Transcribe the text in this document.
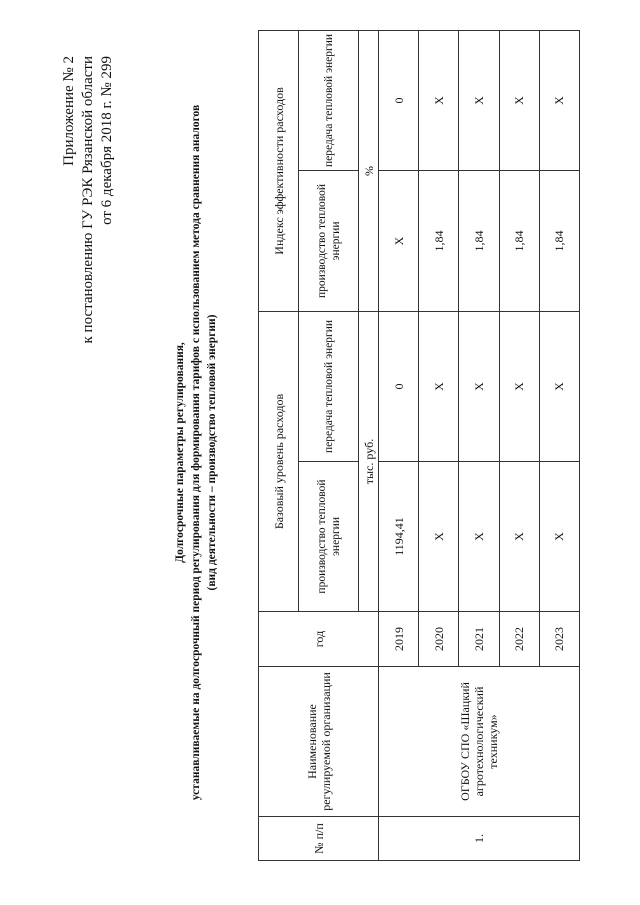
Приложение № 2 к постановлению ГУ РЭК Рязанской области от 6 декабря 2018 г. № 299
Долгосрочные параметры регулирования, устанавливаемые на долгосрочный период регулирования для формирования тарифов с использованием метода сравнения аналогов (вид деятельности – производство тепловой энергии)
№ п/п	Наименование регулируемой организации	год	Базовый уровень расходов		Индекс эффективности расходов	
			производство тепловой энергии	передача тепловой энергии	производство тепловой энергии	передача тепловой энергии
			тыс. руб.		%	
1.	ОГБОУ СПО «Шацкий агротехнологический техникум»	2019	1194,41	0	X	0
		2020	X	X	1,84	X
		2021	X	X	1,84	X
		2022	X	X	1,84	X
		2023	X	X	1,84	X
